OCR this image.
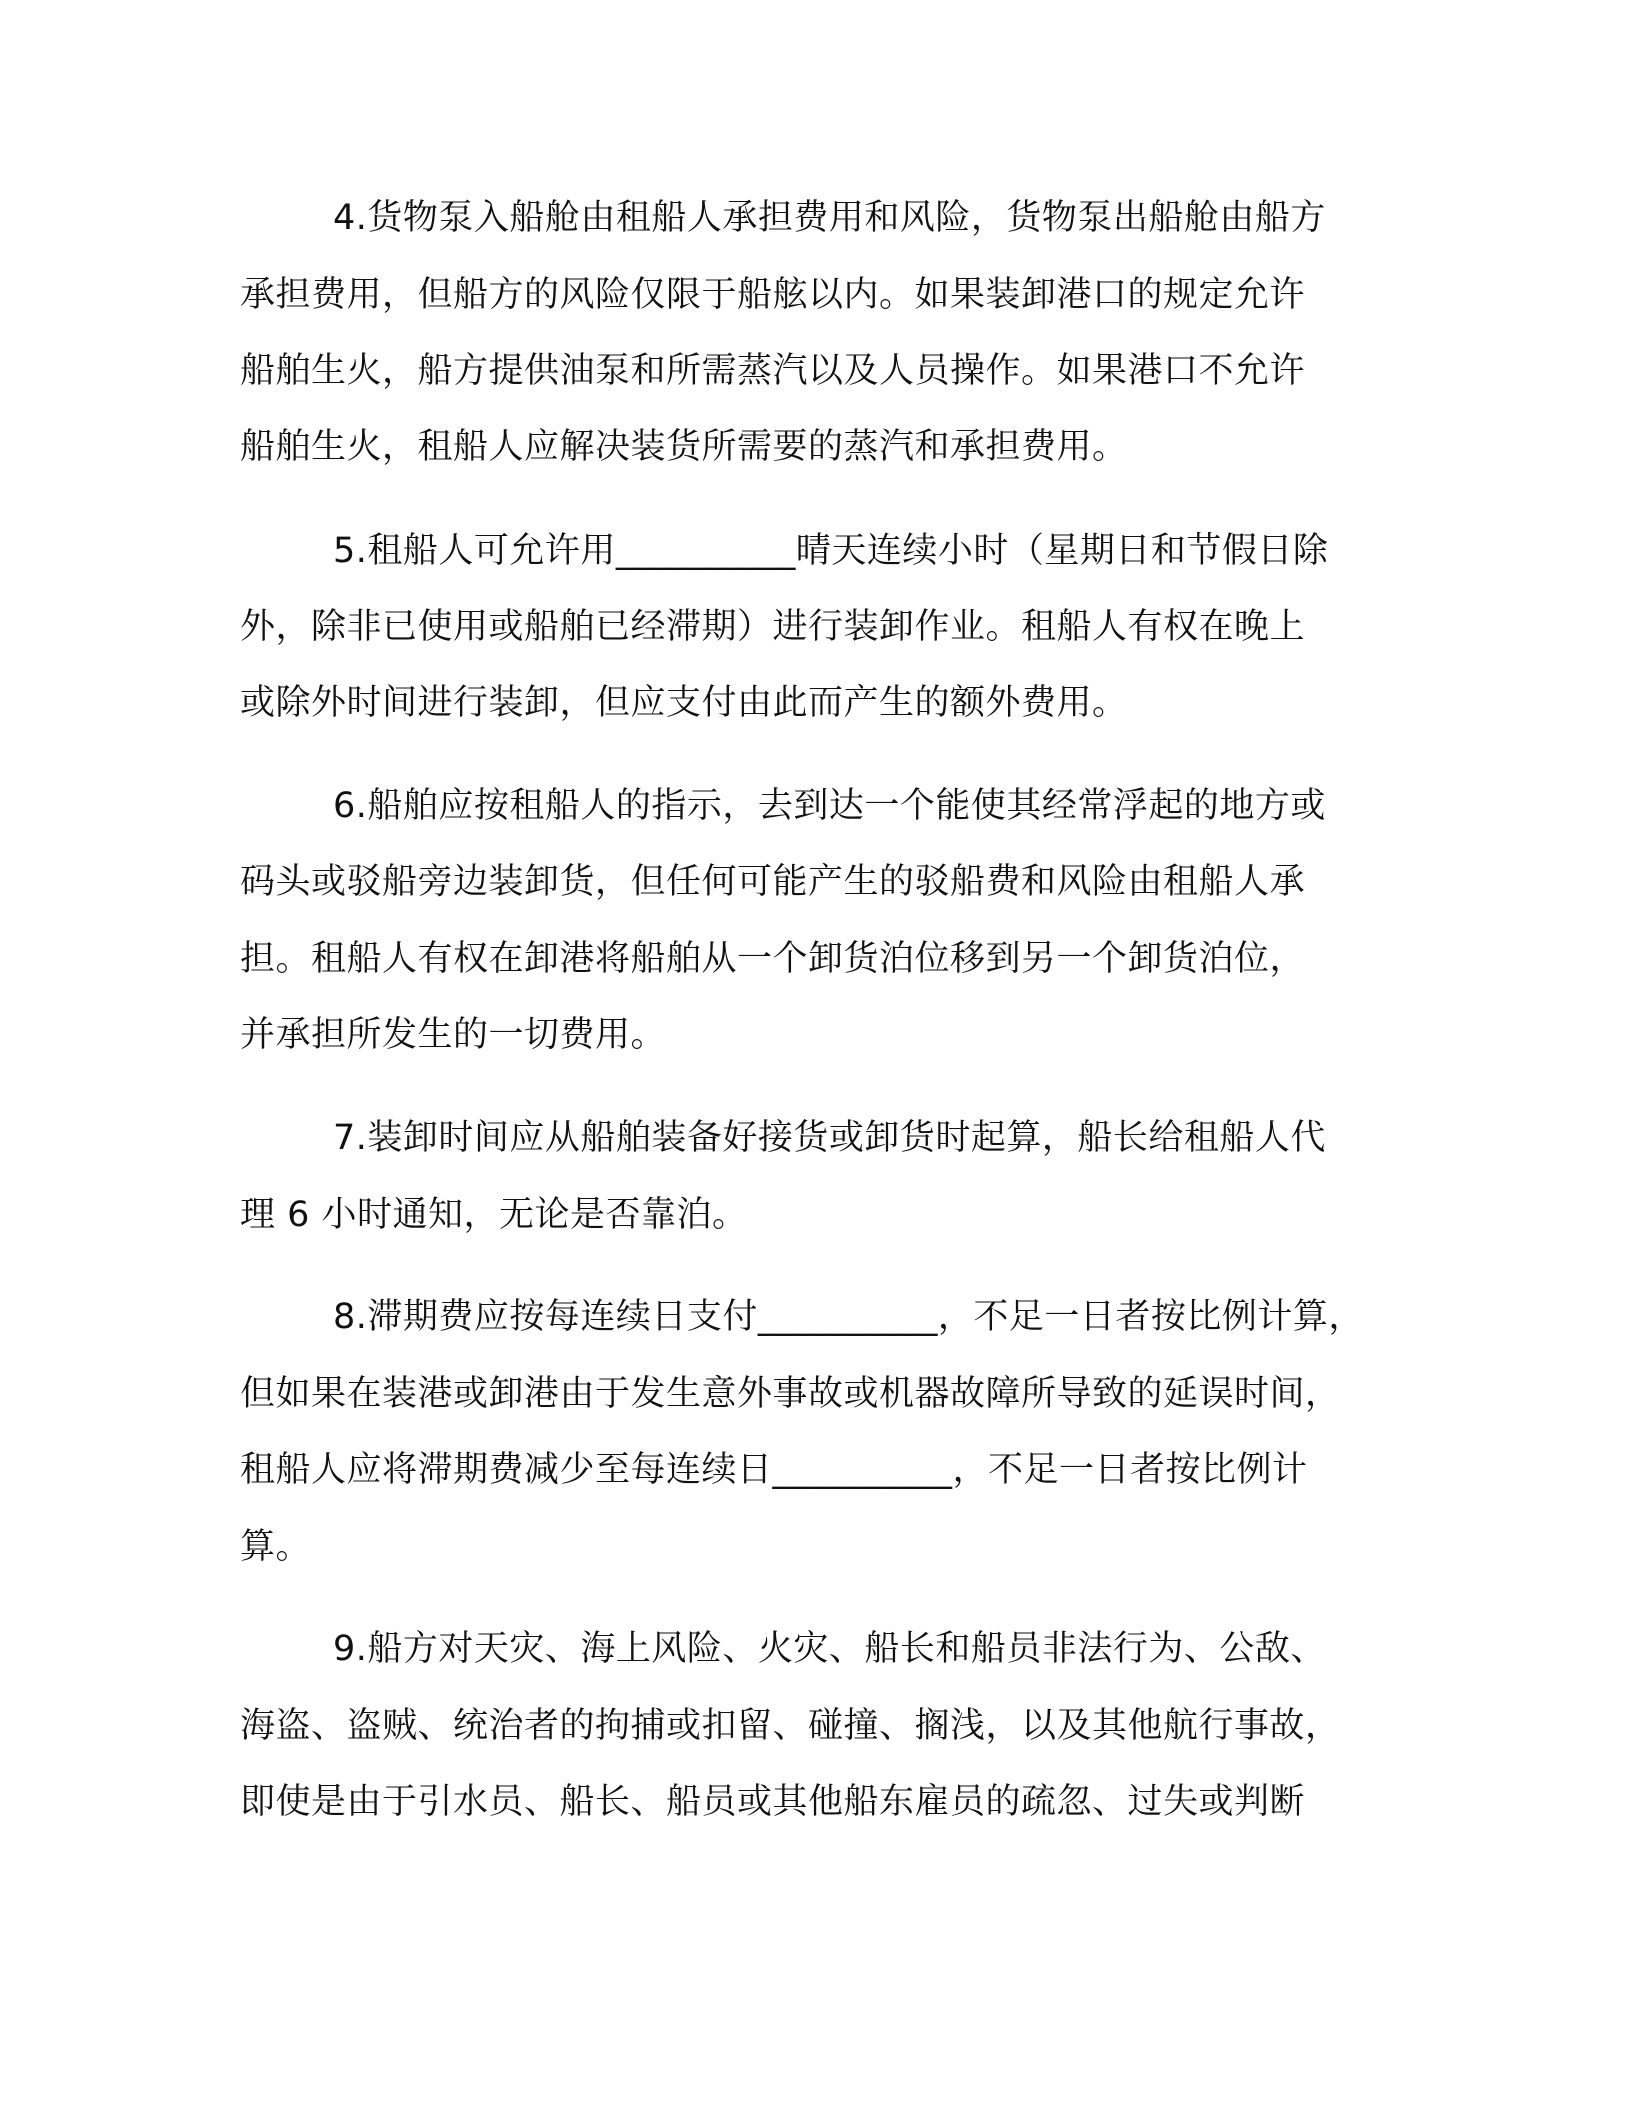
4.货物泵入船舱由租船人承担费用和风险，货物泵出船舱由船方
承担费用，但船方的风险仅限于船舷以内。如果装卸港口的规定允许
船舶生火，船方提供油泵和所需蒸汽以及人员操作。如果港口不允许
船舶生火，租船人应解决装货所需要的蒸汽和承担费用。
5.租船人可允许用__________晴天连续小时（星期日和节假日除
外，除非已使用或船舶已经滞期）进行装卸作业。租船人有权在晚上
或除外时间进行装卸，但应支付由此而产生的额外费用。
6.船舶应按租船人的指示，去到达一个能使其经常浮起的地方或
码头或驳船旁边装卸货，但任何可能产生的驳船费和风险由租船人承
担。租船人有权在卸港将船舶从一个卸货泊位移到另一个卸货泊位，
并承担所发生的一切费用。
7.装卸时间应从船舶装备好接货或卸货时起算，船长给租船人代
理 6 小时通知，无论是否靠泊。
8.滞期费应按每连续日支付__________，不足一日者按比例计算，
但如果在装港或卸港由于发生意外事故或机器故障所导致的延误时间，
租船人应将滞期费减少至每连续日__________，不足一日者按比例计
算。
9.船方对天灾、海上风险、火灾、船长和船员非法行为、公敌、
海盗、盗贼、统治者的拘捕或扣留、碰撞、搁浅，以及其他航行事故，
即使是由于引水员、船长、船员或其他船东雇员的疏忽、过失或判断
